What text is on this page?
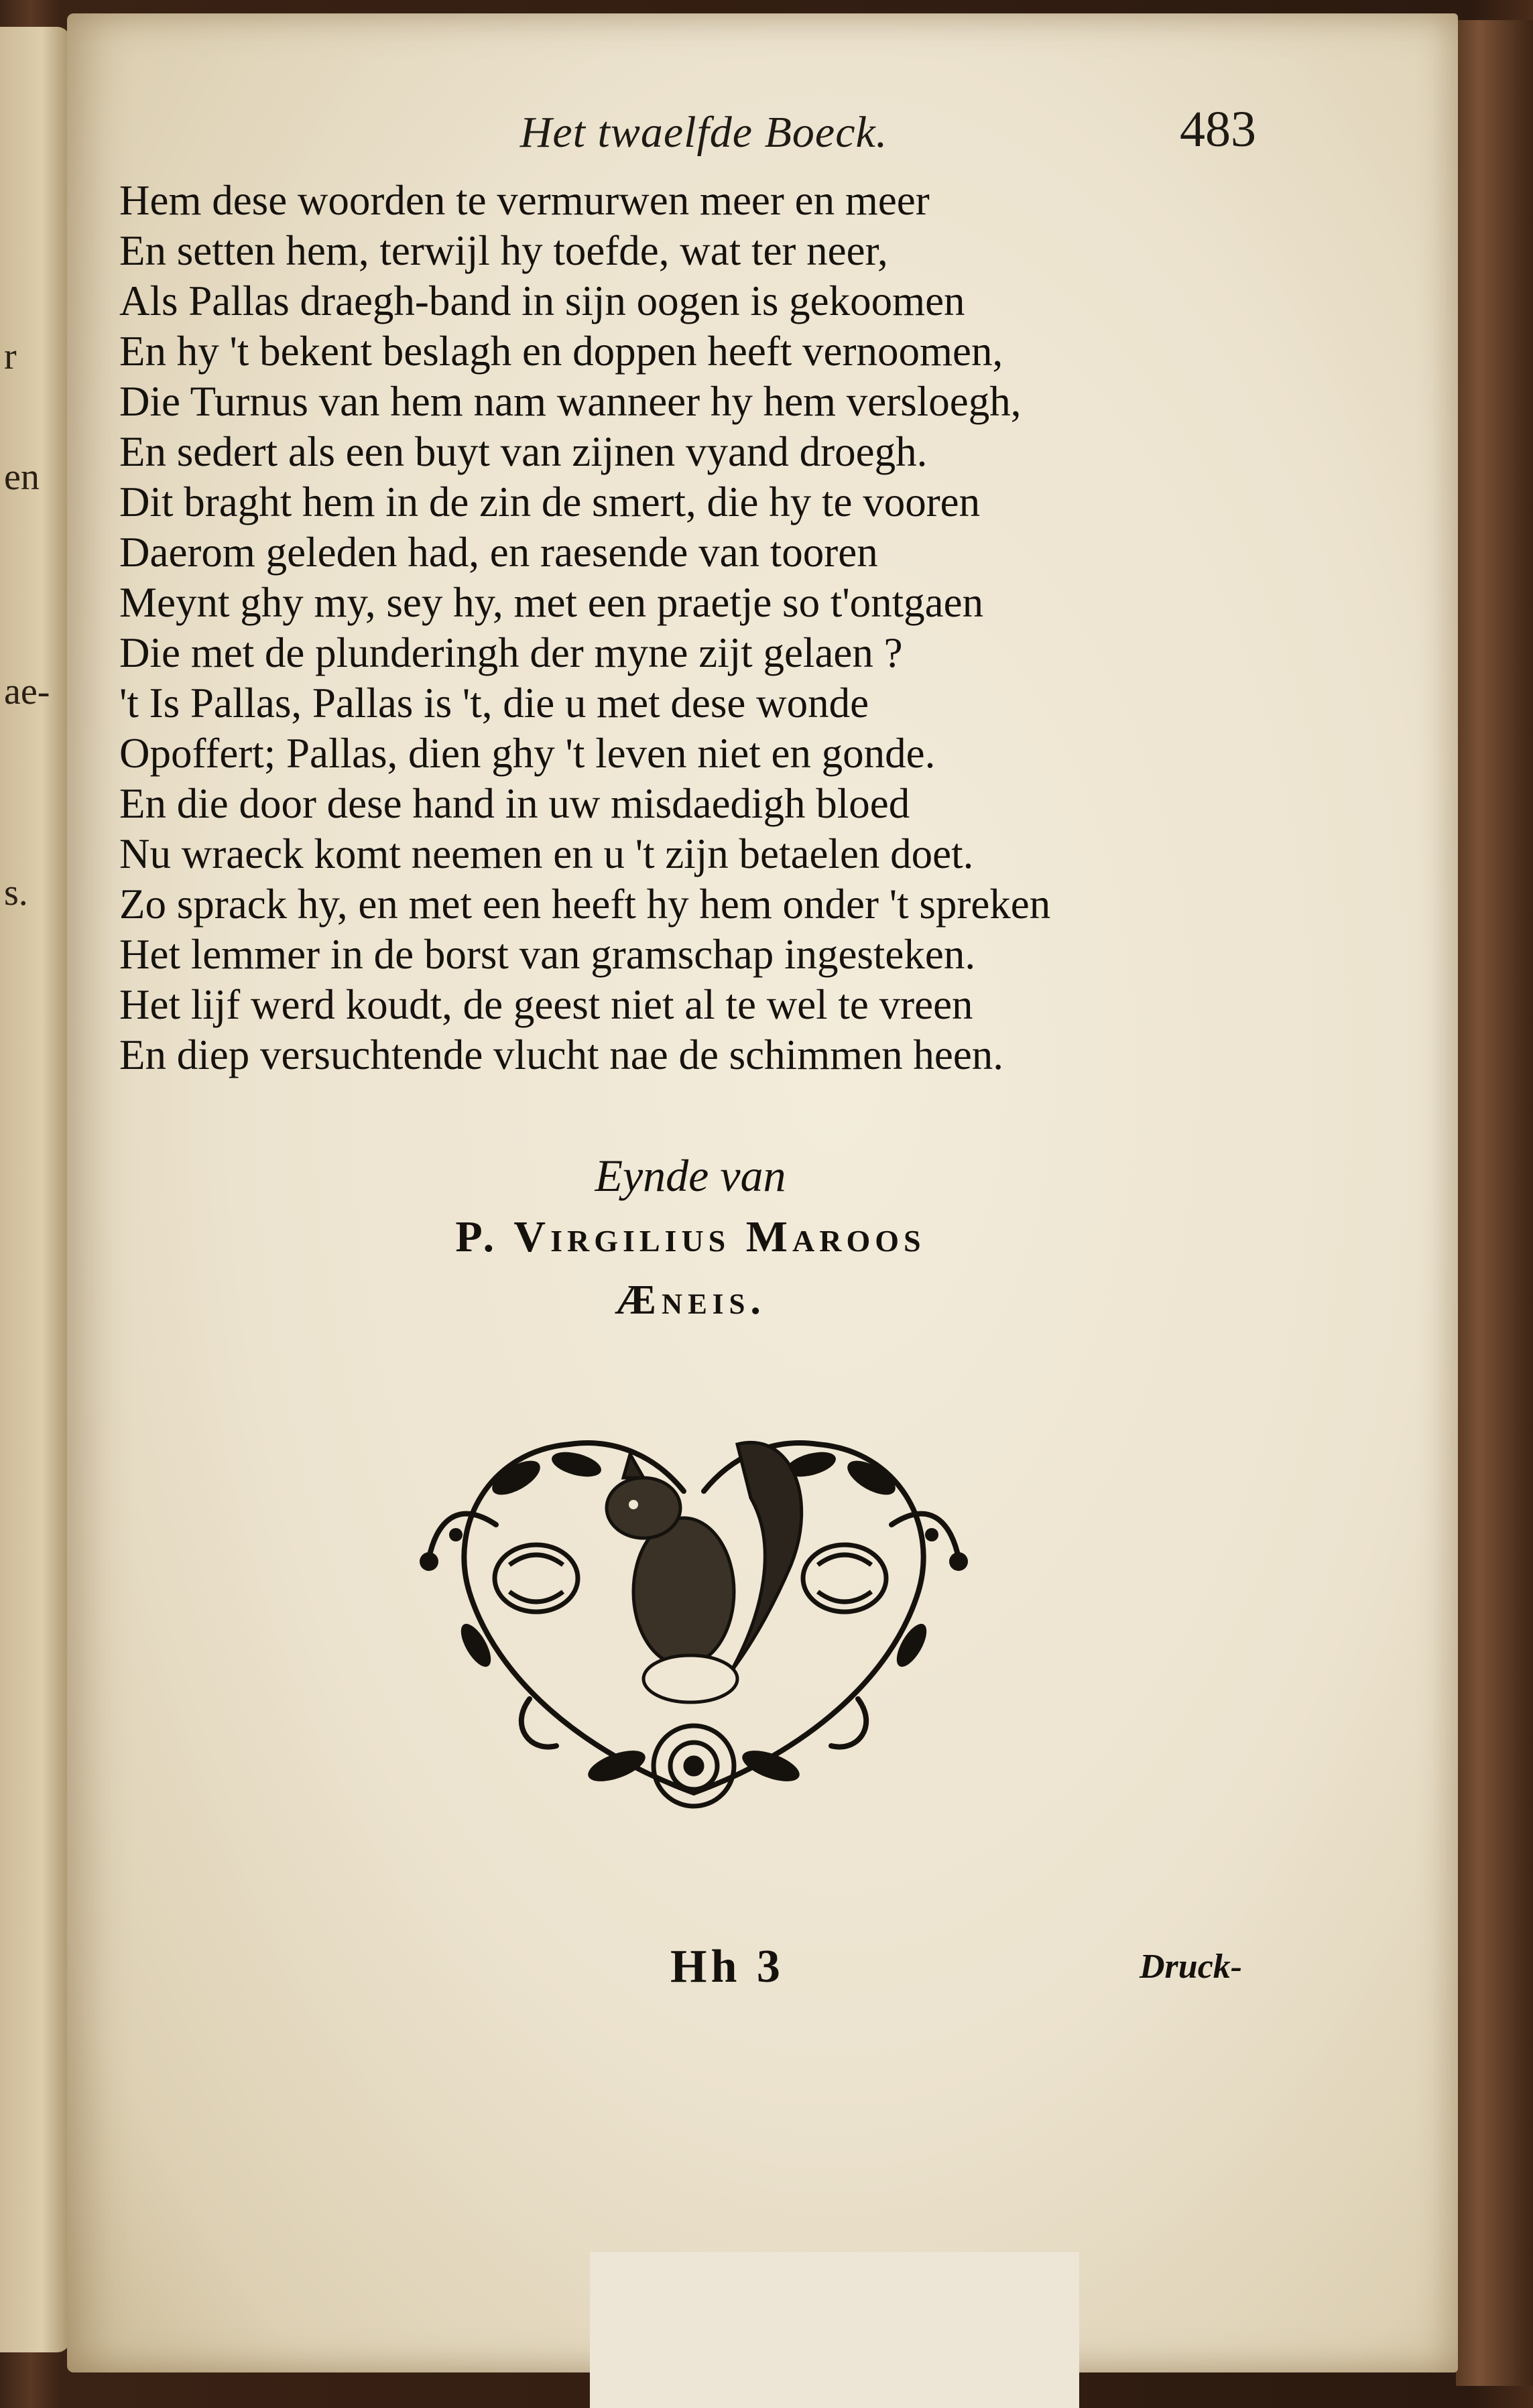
r
en
ae-
s.
Het twaelfde Boeck.	483
Hem dese woorden te vermurwen meer en meer
En setten hem, terwijl hy toefde, wat ter neer,
Als Pallas draegh-band in sijn oogen is gekoomen
En hy 't bekent beslagh en doppen heeft vernoomen,
Die Turnus van hem nam wanneer hy hem versloegh,
En sedert als een buyt van zijnen vyand droegh.
Dit braght hem in de zin de smert, die hy te vooren
Daerom geleden had, en raesende van tooren
Meynt ghy my, sey hy, met een praetje so t'ontgaen
Die met de plunderingh der myne zijt gelaen ?
't Is Pallas, Pallas is 't, die u met dese wonde
Opoffert; Pallas, dien ghy 't leven niet en gonde.
En die door dese hand in uw misdaedigh bloed
Nu wraeck komt neemen en u 't zijn betaelen doet.
Zo sprack hy, en met een heeft hy hem onder 't spreken
Het lemmer in de borst van gramschap ingesteken.
Het lijf werd koudt, de geest niet al te wel te vreen
En diep versuchtende vlucht nae de schimmen heen.
Eynde van
P. Virgilius Maroos
Æneis.
Hh 3	Druck-
